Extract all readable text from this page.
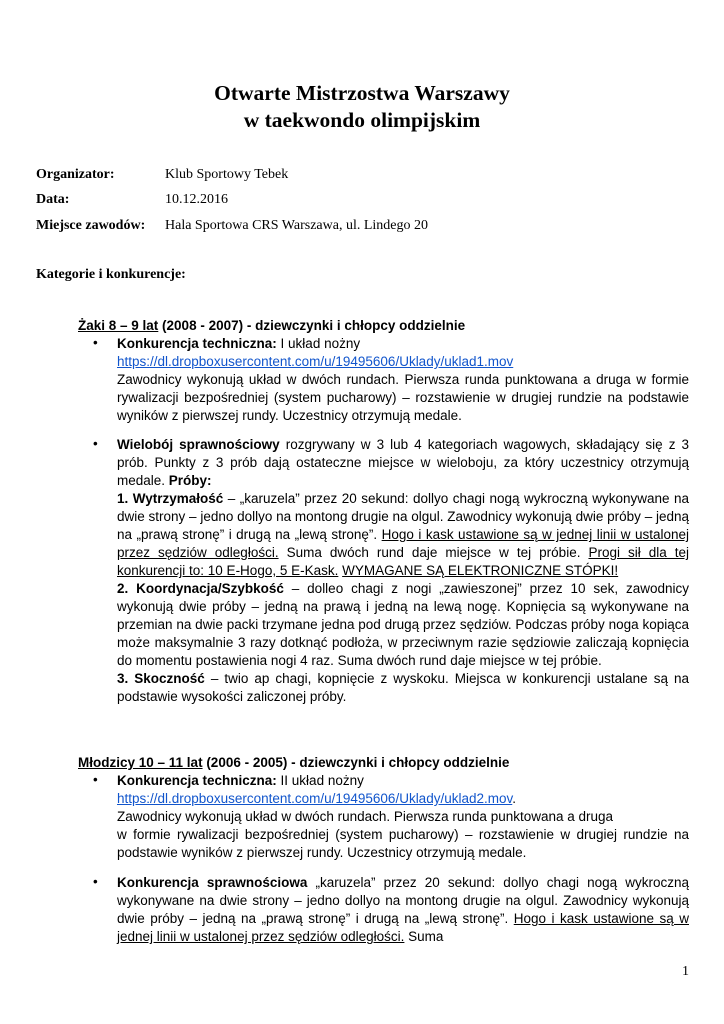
Otwarte Mistrzostwa Warszawy
w taekwondo olimpijskim
Organizator:	Klub Sportowy Tebek
Data:	10.12.2016
Miejsce zawodów: Hala Sportowa CRS Warszawa, ul. Lindego 20
Kategorie i konkurencje:
Żaki 8 – 9 lat (2008 - 2007) - dziewczynki i chłopcy oddzielnie
• Konkurencja techniczna: I układ nożny

https://dl.dropboxusercontent.com/u/19495606/Uklady/uklad1.mov

Zawodnicy wykonują układ w dwóch rundach. Pierwsza runda punktowana a druga w formie rywalizacji bezpośredniej (system pucharowy) – rozstawienie w drugiej rundzie na podstawie wyników z pierwszej rundy. Uczestnicy otrzymują medale.

• Wielobój sprawnościowy rozgrywany w 3 lub 4 kategoriach wagowych, składający się z 3 prób. Punkty z 3 prób dają ostateczne miejsce w wieloboju, za który uczestnicy otrzymują medale. Próby:

1. Wytrzymałość – „karuzela” przez 20 sekund: dollyo chagi nogą wykroczną wykonywane na dwie strony – jedno dollyo na montong drugie na olgul. Zawodnicy wykonują dwie próby – jedną na „prawą stronę” i drugą na „lewą stronę”. Hogo i kask ustawione są w jednej linii w ustalonej przez sędziów odległości. Suma dwóch rund daje miejsce w tej próbie. Progi sił dla tej konkurencji to: 10 E-Hogo, 5 E-Kask. WYMAGANE SĄ ELEKTRONICZNE STÓPKI!

2. Koordynacja/Szybkość – dolleo chagi z nogi „zawieszonej” przez 10 sek, zawodnicy wykonują dwie próby – jedną na prawą i jedną na lewą nogę. Kopnięcia są wykonywane na przemian na dwie packi trzymane jedna pod drugą przez sędziów. Podczas próby noga kopiąca może maksymalnie 3 razy dotknąć podłoża, w przeciwnym razie sędziowie zaliczają kopnięcia do momentu postawienia nogi 4 raz. Suma dwóch rund daje miejsce w tej próbie.

3. Skoczność – twio ap chagi, kopnięcie z wyskoku. Miejsca w konkurencji ustalane są na podstawie wysokości zaliczonej próby.

Młodzicy 10 – 11 lat (2006 - 2005) - dziewczynki i chłopcy oddzielnie
• Konkurencja techniczna: II układ nożny

https://dl.dropboxusercontent.com/u/19495606/Uklady/uklad2.mov.

Zawodnicy wykonują układ w dwóch rundach. Pierwsza runda punktowana a druga

w formie rywalizacji bezpośredniej (system pucharowy) – rozstawienie w drugiej rundzie na podstawie wyników z pierwszej rundy. Uczestnicy otrzymują medale.

• Konkurencja sprawnościowa „karuzela” przez 20 sekund: dollyo chagi nogą wykroczną wykonywane na dwie strony – jedno dollyo na montong drugie na olgul. Zawodnicy wykonują dwie próby – jedną na „prawą stronę” i drugą na „lewą stronę”. Hogo i kask ustawione są w jednej linii w ustalonej przez sędziów odległości. Suma

1
